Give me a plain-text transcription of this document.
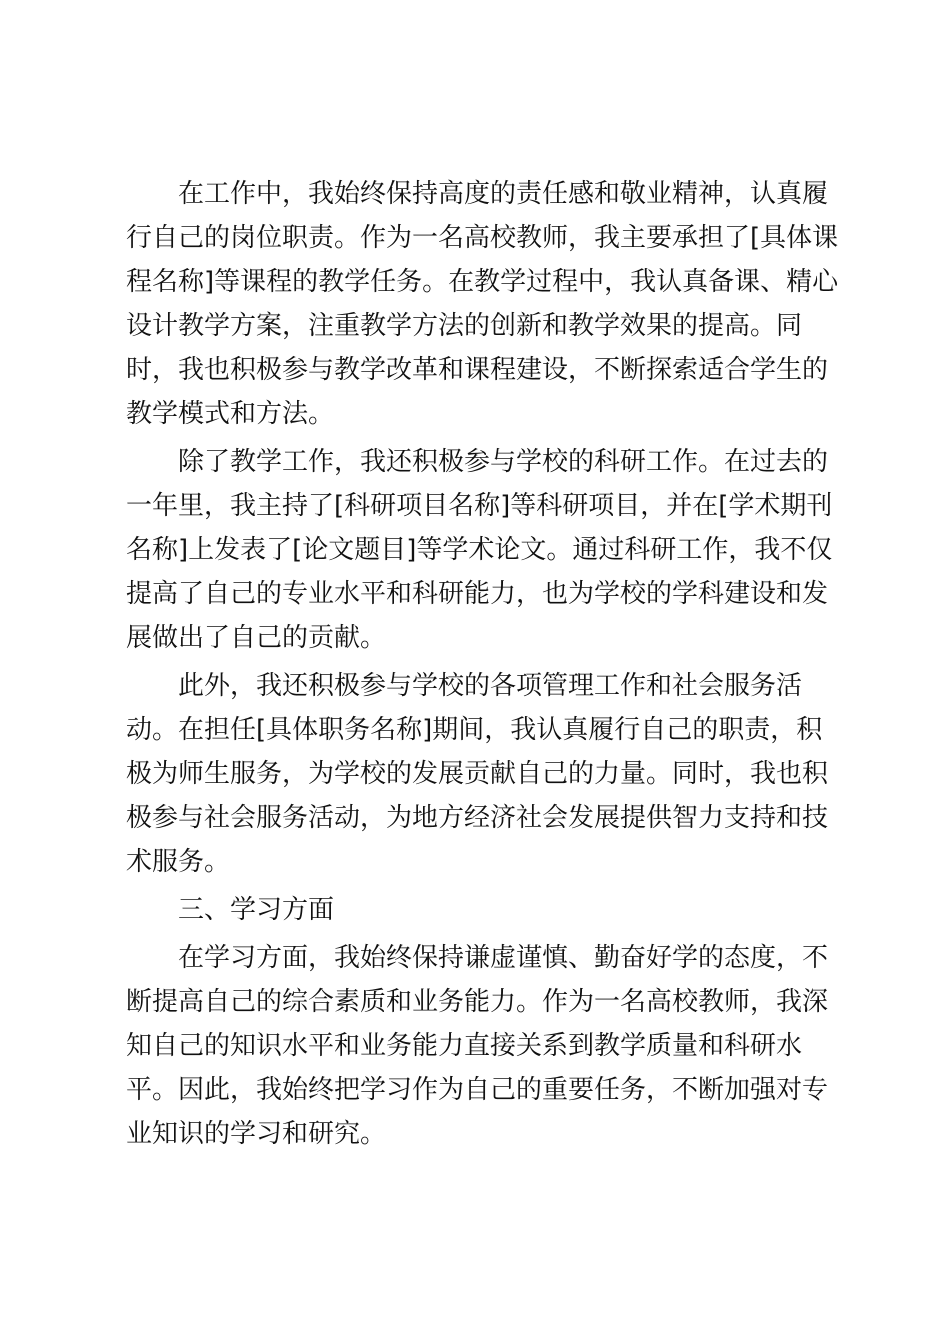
在工作中，我始终保持高度的责任感和敬业精神，认真履
行自己的岗位职责。作为一名高校教师，我主要承担了[具体课
程名称]等课程的教学任务。在教学过程中，我认真备课、精心
设计教学方案，注重教学方法的创新和教学效果的提高。同
时，我也积极参与教学改革和课程建设，不断探索适合学生的
教学模式和方法。
除了教学工作，我还积极参与学校的科研工作。在过去的
一年里，我主持了[科研项目名称]等科研项目，并在[学术期刊
名称]上发表了[论文题目]等学术论文。通过科研工作，我不仅
提高了自己的专业水平和科研能力，也为学校的学科建设和发
展做出了自己的贡献。
此外，我还积极参与学校的各项管理工作和社会服务活
动。在担任[具体职务名称]期间，我认真履行自己的职责，积
极为师生服务，为学校的发展贡献自己的力量。同时，我也积
极参与社会服务活动，为地方经济社会发展提供智力支持和技
术服务。
三、学习方面
在学习方面，我始终保持谦虚谨慎、勤奋好学的态度，不
断提高自己的综合素质和业务能力。作为一名高校教师，我深
知自己的知识水平和业务能力直接关系到教学质量和科研水
平。因此，我始终把学习作为自己的重要任务，不断加强对专
业知识的学习和研究。
